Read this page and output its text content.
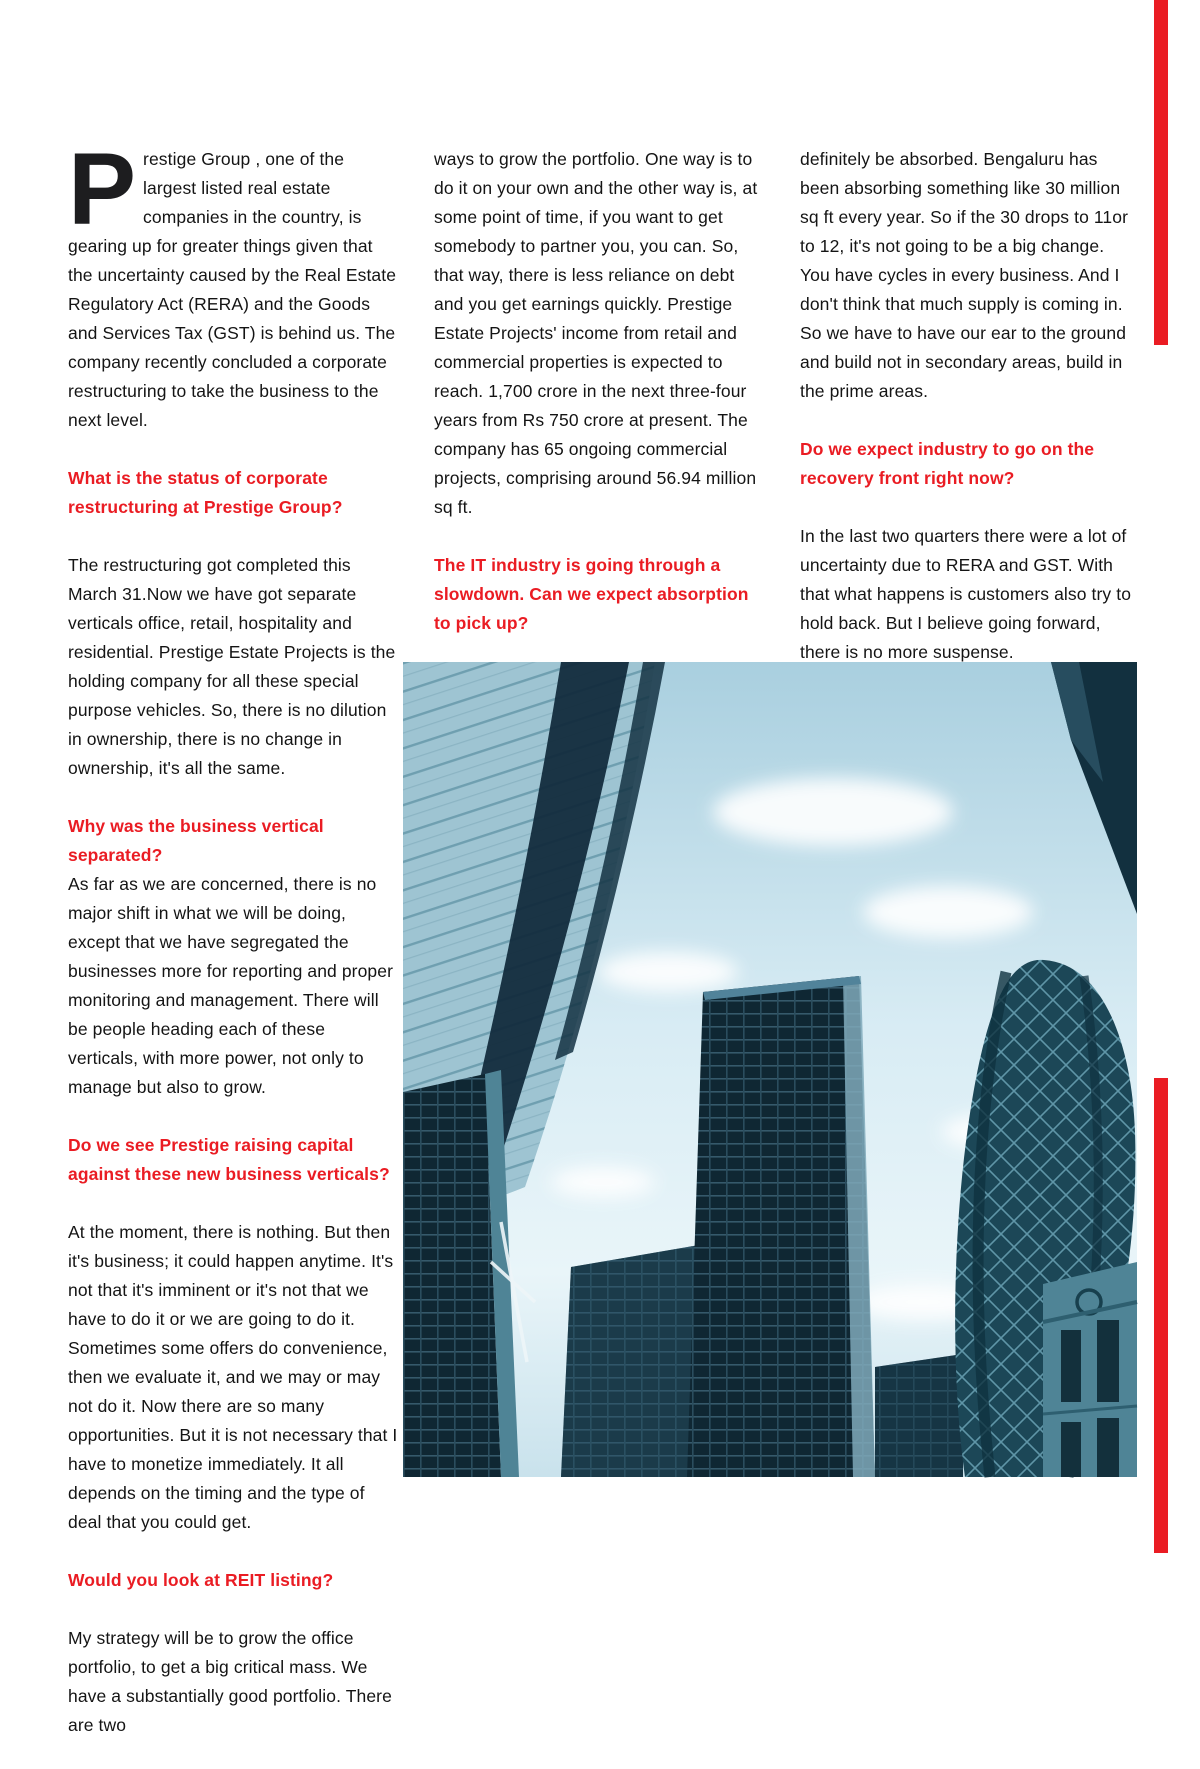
Prestige Group , one of the largest listed real estate companies in the country, is gearing up for greater things given that the uncertainty caused by the Real Estate Regulatory Act (RERA) and the Goods and Services Tax (GST) is behind us. The company recently concluded a corporate restructuring to take the business to the next level.
What is the status of corporate restructuring at Prestige Group?
The restructuring got completed this March 31.Now we have got separate verticals office, retail, hospitality and residential. Prestige Estate Projects is the holding company for all these special purpose vehicles. So, there is no dilution in ownership, there is no change in ownership, it's all the same.
Why was the business vertical separated?
As far as we are concerned, there is no major shift in what we will be doing, except that we have segregated the businesses more for reporting and proper monitoring and management. There will be people heading each of these verticals, with more power, not only to manage but also to grow.
Do we see Prestige raising capital against these new business verticals?
At the moment, there is nothing. But then it's business; it could happen anytime. It's not that it's imminent or it's not that we have to do it or we are going to do it. Sometimes some offers do convenience, then we evaluate it, and we may or may not do it. Now there are so many opportunities. But it is not necessary that I have to monetize immediately. It all depends on the timing and the type of deal that you could get.
Would you look at REIT listing?
My strategy will be to grow the office portfolio, to get a big critical mass. We have a substantially good portfolio. There are two
ways to grow the portfolio. One way is to do it on your own and the other way is, at some point of time, if you want to get somebody to partner you, you can. So, that way, there is less reliance on debt and you get earnings quickly. Prestige Estate Projects' income from retail and commercial properties is expected to reach. 1,700 crore in the next three-four years from Rs 750 crore at present. The company has 65 ongoing commercial projects, comprising around 56.94 million sq ft.
The IT industry is going through a slowdown. Can we expect absorption to pick up?
definitely be absorbed. Bengaluru has been absorbing something like 30 million sq ft every year. So if the 30 drops to 11or to 12, it's not going to be a big change. You have cycles in every business. And I don't think that much supply is coming in. So we have to have our ear to the ground and build not in secondary areas, build in the prime areas.
Do we expect industry to go on the recovery front right now?
In the last two quarters there were a lot of uncertainty due to RERA and GST. With that what happens is customers also try to hold back. But I believe going forward, there is no more suspense.
